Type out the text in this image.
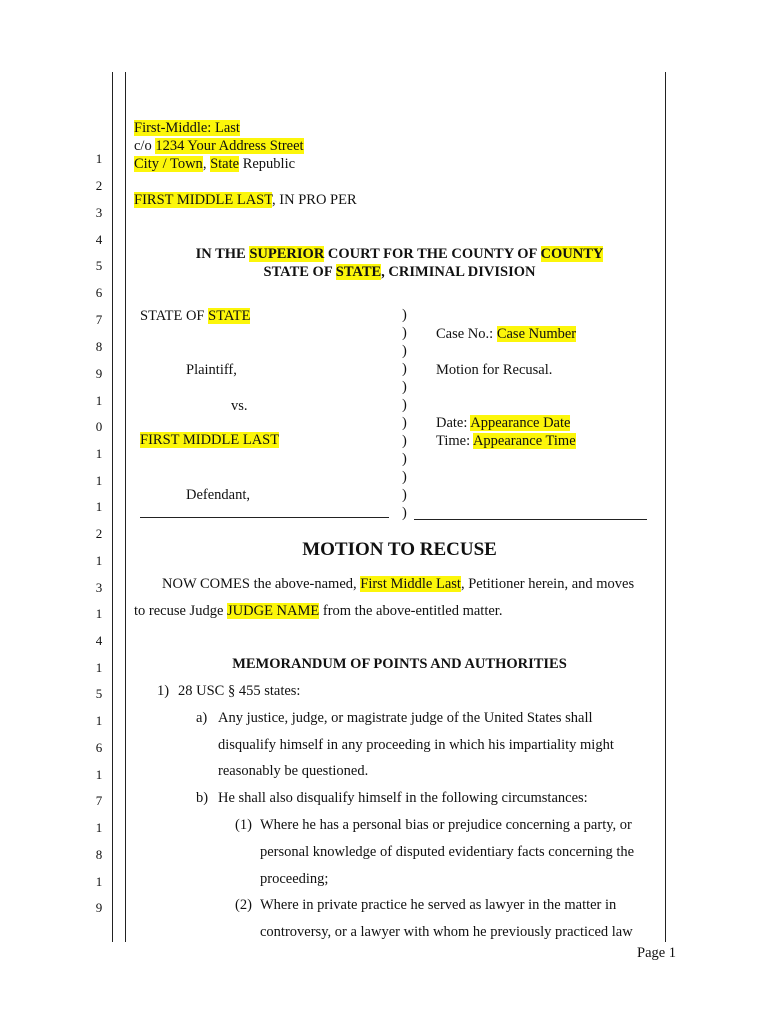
1
2
3
4
5
6
7
8
9
1
0
1
1
1
2
1
3
1
4
1
5
1
6
1
7
1
8
1
9
First-Middle: Last
c/o 1234 Your Address Street
City / Town, State Republic
FIRST MIDDLE LAST, IN PRO PER
IN THE SUPERIOR COURT FOR THE COUNTY OF COUNTY
STATE OF STATE, CRIMINAL DIVISION
STATE OF STATE
Plaintiff,
vs.
FIRST MIDDLE LAST
Defendant,
)
)
)
)
)
)
)
)
)
)
)
)
Case No.: Case Number
Motion for Recusal.
Date: Appearance Date
Time: Appearance Time
MOTION TO RECUSE
NOW COMES the above-named, First Middle Last, Petitioner herein, and moves
to recuse Judge JUDGE NAME from the above-entitled matter.
MEMORANDUM OF POINTS AND AUTHORITIES
1) 28 USC § 455 states:
a) Any justice, judge, or magistrate judge of the United States shall
disqualify himself in any proceeding in which his impartiality might
reasonably be questioned.
b) He shall also disqualify himself in the following circumstances:
(1) Where he has a personal bias or prejudice concerning a party, or
personal knowledge of disputed evidentiary facts concerning the
proceeding;
(2) Where in private practice he served as lawyer in the matter in
controversy, or a lawyer with whom he previously practiced law
Page 1
